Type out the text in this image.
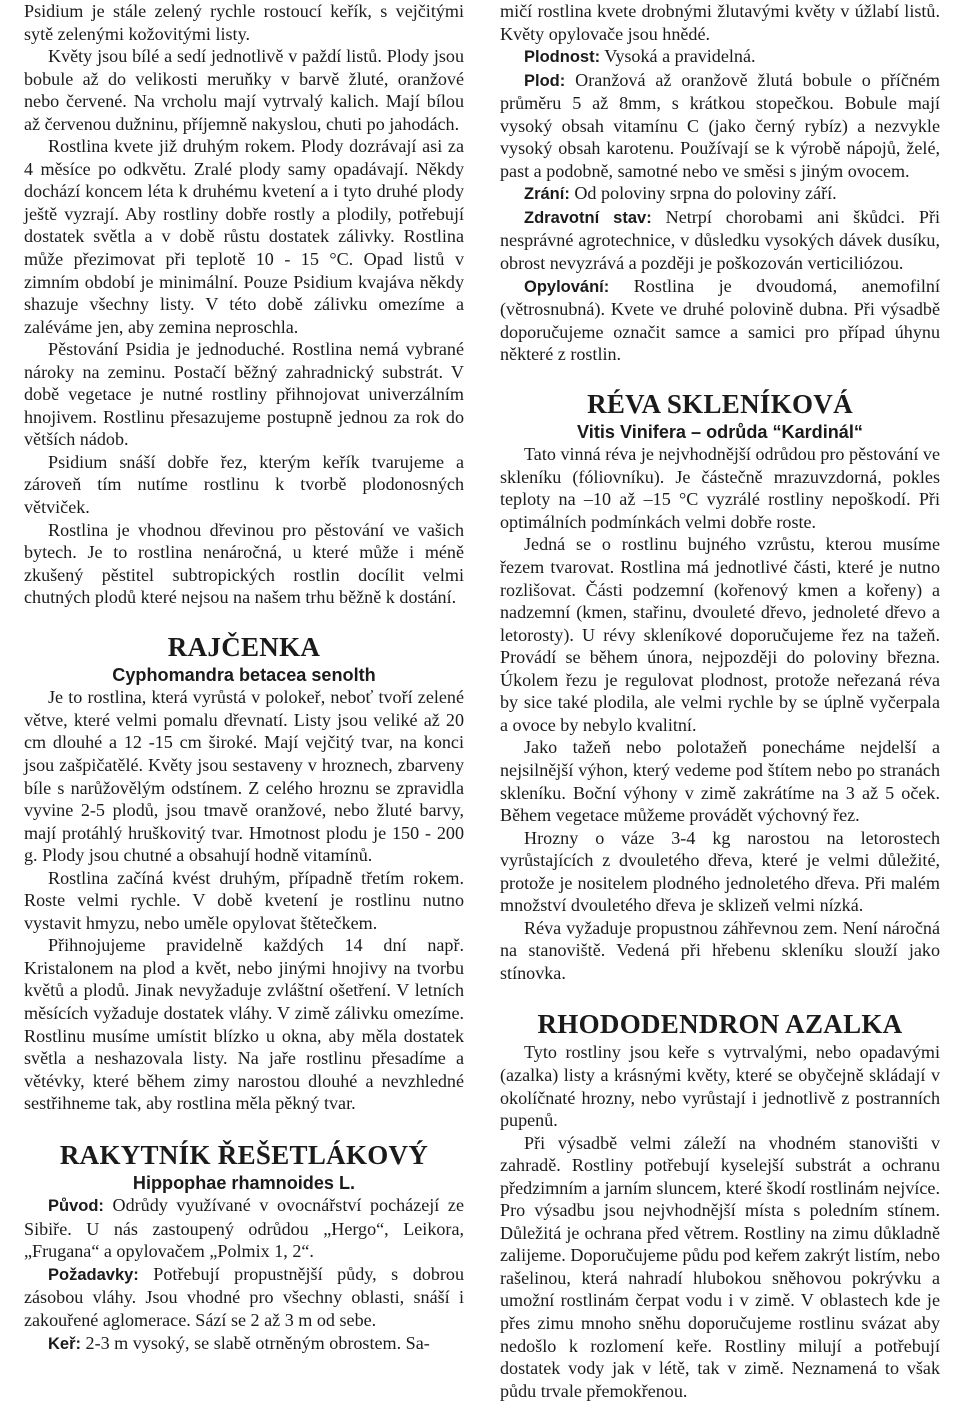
Psidium je stále zelený rychle rostoucí keřík, s vejčitými sytě zelenými kožovitými listy.

Květy jsou bílé a sedí jednotlivě v paždí listů. Plody jsou bobule až do velikosti meruňky v barvě žluté, oranžové nebo červené. Na vrcholu mají vytrvalý kalich. Mají bílou až červenou dužninu, příjemně nakyslou, chuti po jahodách.

Rostlina kvete již druhým rokem. Plody dozrávají asi za 4 měsíce po odkvětu. Zralé plody samy opadávají. Někdy dochází koncem léta k druhému kvetení a i tyto druhé plody ještě vyzrají. Aby rostliny dobře rostly a plodily, potřebují dostatek světla a v době růstu dostatek zálivky. Rostlina může přezimovat při teplotě 10 - 15 °C. Opad listů v zimním období je minimální. Pouze Psidium kvajáva někdy shazuje všechny listy. V této době zálivku omezíme a zaléváme jen, aby zemina neproschla.

Pěstování Psidia je jednoduché. Rostlina nemá vybrané nároky na zeminu. Postačí běžný zahradnický substrát. V době vegetace je nutné rostliny přihnojovat univerzálním hnojivem. Rostlinu přesazujeme postupně jednou za rok do větších nádob.

Psidium snáší dobře řez, kterým keřík tvarujeme a zároveň tím nutíme rostlinu k tvorbě plodonosných větviček.

Rostlina je vhodnou dřevinou pro pěstování ve vašich bytech. Je to rostlina nenáročná, u které může i méně zkušený pěstitel subtropických rostlin docílit velmi chutných plodů které nejsou na našem trhu běžně k dostání.

RAJČENKA
Cyphomandra betacea senolth

Je to rostlina, která vyrůstá v polokeř, neboť tvoří zelené větve, které velmi pomalu dřevnatí. Listy jsou veliké až 20 cm dlouhé a 12 -15 cm široké. Mají vejčitý tvar, na konci jsou zašpičatělé. Květy jsou sestaveny v hroznech, zbarveny bíle s narůžovělým odstínem. Z celého hroznu se zpravidla vyvine 2-5 plodů, jsou tmavě oranžové, nebo žluté barvy, mají protáhlý hruškovitý tvar. Hmotnost plodu je 150 - 200 g. Plody jsou chutné a obsahují hodně vitamínů.

Rostlina začíná kvést druhým, případně třetím rokem. Roste velmi rychle. V době kvetení je rostlinu nutno vystavit hmyzu, nebo uměle opylovat štětečkem.

Přihnojujeme pravidelně každých 14 dní např. Kristalonem na plod a květ, nebo jinými hnojivy na tvorbu květů a plodů. Jinak nevyžaduje zvláštní ošetření. V letních měsících vyžaduje dostatek vláhy. V zimě zálivku omezíme. Rostlinu musíme umístit blízko u okna, aby měla dostatek světla a neshazovala listy. Na jaře rostlinu přesadíme a větévky, které během zimy narostou dlouhé a nevzhledné sestřihneme tak, aby rostlina měla pěkný tvar.

RAKYTNÍK ŘEŠETLÁKOVÝ
Hippophae rhamnoides L.

Původ: Odrůdy využívané v ovocnářství pocházejí ze Sibiře. U nás zastoupený odrůdou „Hergo“, Leikora, „Frugana“ a opylovačem „Polmix 1, 2“.

Požadavky: Potřebují propustnější půdy, s dobrou zásobou vláhy. Jsou vhodné pro všechny oblasti, snáší i zakouřené aglomerace. Sází se 2 až 3 m od sebe.

Keř: 2-3 m vysoký, se slabě otrněným obrostem. Sa-

mičí rostlina kvete drobnými žlutavými květy v úžlabí listů. Květy opylovače jsou hnědé.

Plodnost: Vysoká a pravidelná.

Plod: Oranžová až oranžově žlutá bobule o příčném průměru 5 až 8mm, s krátkou stopečkou. Bobule mají vysoký obsah vitamínu C (jako černý rybíz) a nezvykle vysoký obsah karotenu. Používají se k výrobě nápojů, želé, past a podobně, samotné nebo ve směsi s jiným ovocem.

Zrání: Od poloviny srpna do poloviny září.

Zdravotní stav: Netrpí chorobami ani škůdci. Při nesprávné agrotechnice, v důsledku vysokých dávek dusíku, obrost nevyzrává a později je poškozován verticiliózou.

Opylování: Rostlina je dvoudomá, anemofilní (větrosnubná). Kvete ve druhé polovině dubna. Při výsadbě doporučujeme označit samce a samici pro případ úhynu některé z rostlin.

RÉVA SKLENÍKOVÁ
Vitis Vinifera – odrůda “Kardinál“

Tato vinná réva je nejvhodnější odrůdou pro pěstování ve skleníku (fóliovníku). Je částečně mrazuvzdorná, pokles teploty na –10 až –15 °C vyzrálé rostliny nepoškodí. Při optimálních podmínkách velmi dobře roste.

Jedná se o rostlinu bujného vzrůstu, kterou musíme řezem tvarovat. Rostlina má jednotlivé části, které je nutno rozlišovat. Části podzemní (kořenový kmen a kořeny) a nadzemní (kmen, stařinu, dvouleté dřevo, jednoleté dřevo a letorosty). U révy skleníkové doporučujeme řez na tažeň. Provádí se během února, nejpozději do poloviny března. Úkolem řezu je regulovat plodnost, protože neřezaná réva by sice také plodila, ale velmi rychle by se úplně vyčerpala a ovoce by nebylo kvalitní.

Jako tažeň nebo polotažeň ponecháme nejdelší a nejsilnější výhon, který vedeme pod štítem nebo po stranách skleníku. Boční výhony v zimě zakrátíme na 3 až 5 oček. Během vegetace můžeme provádět výchovný řez.

Hrozny o váze 3-4 kg narostou na letorostech vyrůstajících z dvouletého dřeva, které je velmi důležité, protože je nositelem plodného jednoletého dřeva. Při malém množství dvouletého dřeva je sklizeň velmi nízká.

Réva vyžaduje propustnou záhřevnou zem. Není náročná na stanoviště. Vedená při hřebenu skleníku slouží jako stínovka.

RHODODENDRON AZALKA

Tyto rostliny jsou keře s vytrvalými, nebo opadavými (azalka) listy a krásnými květy, které se obyčejně skládají v okolíčnaté hrozny, nebo vyrůstají i jednotlivě z postranních pupenů.

Při výsadbě velmi záleží na vhodném stanovišti v zahradě. Rostliny potřebují kyselejší substrát a ochranu předzimním a jarním sluncem, které škodí rostlinám nejvíce. Pro výsadbu jsou nejvhodnější místa s poledním stínem. Důležitá je ochrana před větrem. Rostliny na zimu důkladně zalijeme. Doporučujeme půdu pod keřem zakrýt listím, nebo rašelinou, která nahradí hlubokou sněhovou pokrývku a umožní rostlinám čerpat vodu i v zimě. V oblastech kde je přes zimu mnoho sněhu doporučujeme rostlinu svázat aby nedošlo k rozlomení keře. Rostliny milují a potřebují dostatek vody jak v létě, tak v zimě. Neznamená to však půdu trvale přemokřenou.
